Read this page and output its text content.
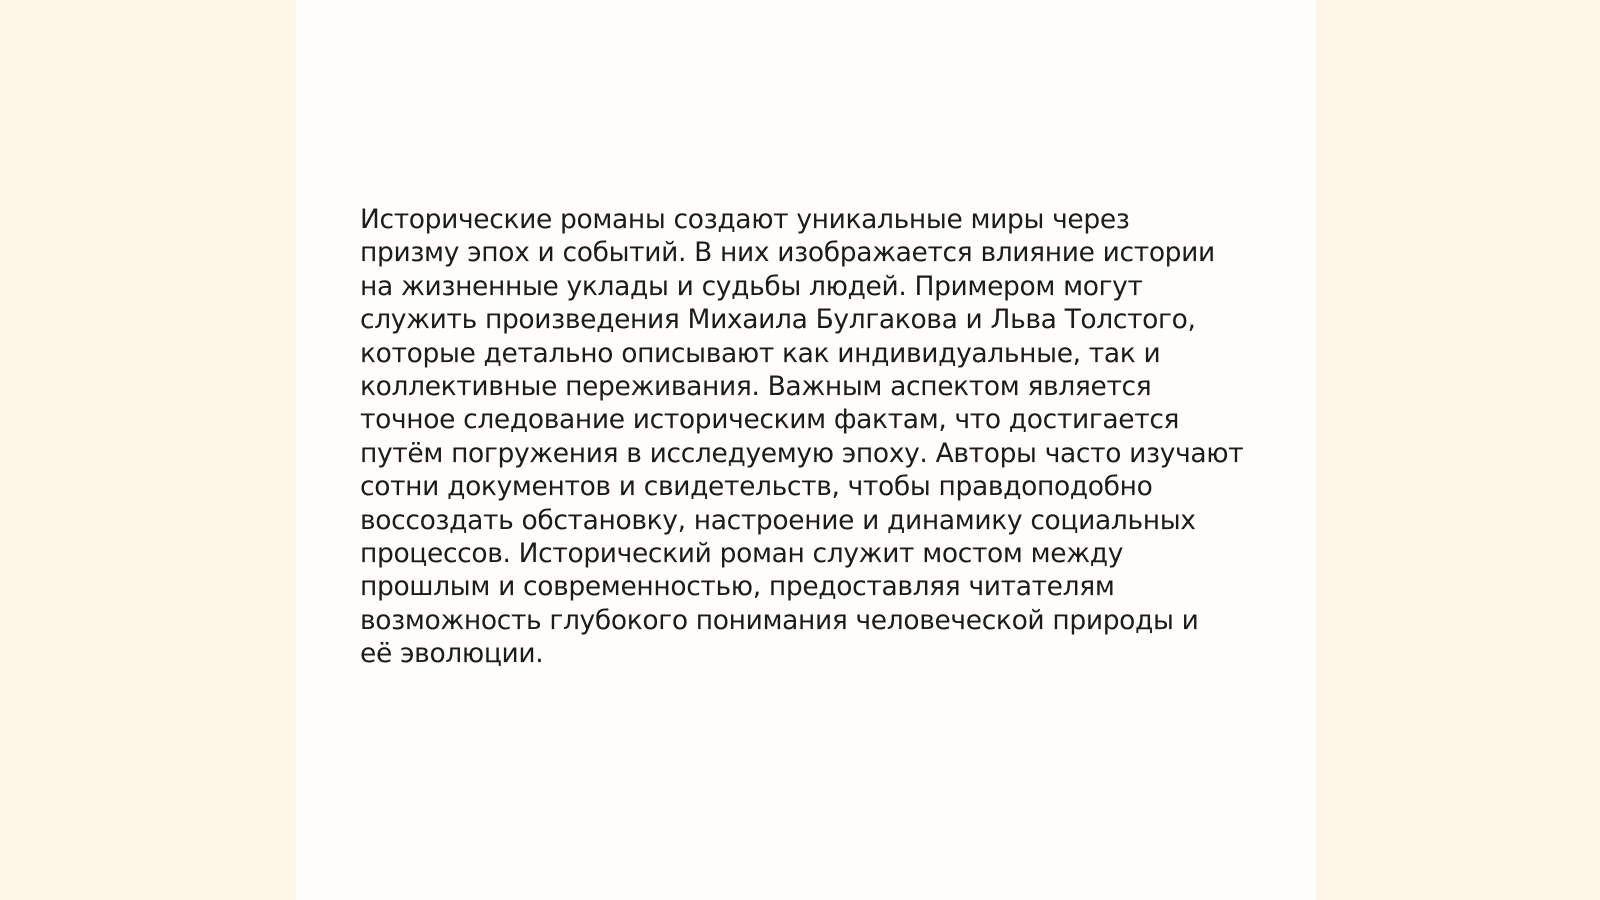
Исторические романы создают уникальные миры через
призму эпох и событий. В них изображается влияние истории
на жизненные уклады и судьбы людей. Примером могут
служить произведения Михаила Булгакова и Льва Толстого,
которые детально описывают как индивидуальные, так и
коллективные переживания. Важным аспектом является
точное следование историческим фактам, что достигается
путём погружения в исследуемую эпоху. Авторы часто изучают
сотни документов и свидетельств, чтобы правдоподобно
воссоздать обстановку, настроение и динамику социальных
процессов. Исторический роман служит мостом между
прошлым и современностью, предоставляя читателям
возможность глубокого понимания человеческой природы и
её эволюции.
